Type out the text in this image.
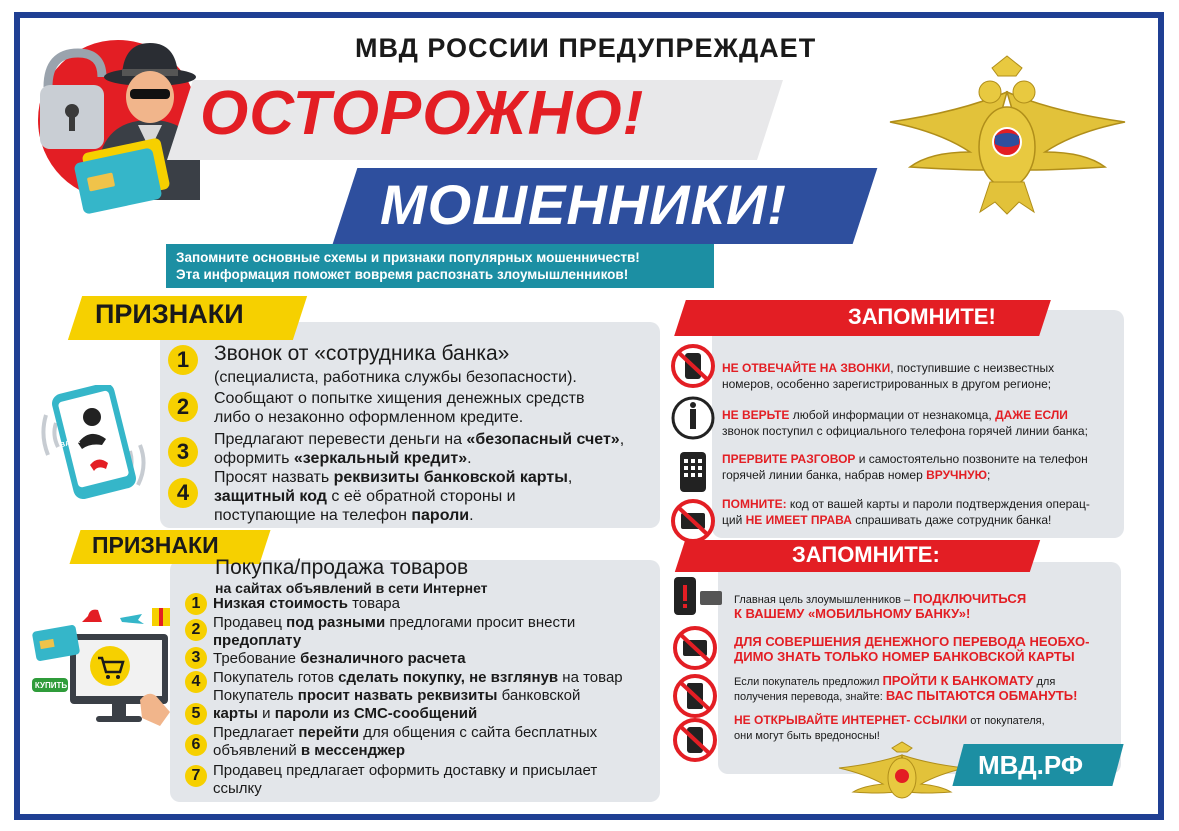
МВД РОССИИ ПРЕДУПРЕЖДАЕТ
ОСТОРОЖНО!
МОШЕННИКИ!
Запомните основные схемы и признаки популярных мошенничеств!
Эта информация поможет вовремя распознать злоумышленников!
ПРИЗНАКИ
BANK
1	Звонок от «сотрудника банка»
(специалиста, работника службы безопасности).
2	Сообщают о попытке хищения денежных средств
либо о незаконно оформленном кредите.
3	Предлагают перевести деньги на «безопасный счет»,
оформить «зеркальный кредит».
4
Просят назвать реквизиты банковской карты,
защитный код с её обратной стороны и
поступающие на телефон пароли.
ПРИЗНАКИ
Покупка/продажа товаров
на сайтах объявлений в сети Интернет
КУПИТЬ
1 Низкая стоимость товара
2 Продавец под разными предлогами просит внести
предоплату
3 Требование безналичного расчета
4 Покупатель готов сделать покупку, не взглянув на товар
5
Покупатель просит назвать реквизиты банковской
карты и пароли из СМС-сообщений
6
Предлагает перейти для общения с сайта бесплатных
объявлений в мессенджер
7 Продавец предлагает оформить доставку и присылает
ссылку
ЗАПОМНИТЕ!
НЕ ОТВЕЧАЙТЕ НА ЗВОНКИ, поступившие с неизвестных
номеров, особенно зарегистрированных в другом регионе;
НЕ ВЕРЬТЕ любой информации от незнакомца, ДАЖЕ ЕСЛИ
звонок поступил с официального телефона горячей линии банка;
ПРЕРВИТЕ РАЗГОВОР и самостоятельно позвоните на телефон
горячей линии банка, набрав номер ВРУЧНУЮ;
ПОМНИТЕ: код от вашей карты и пароли подтверждения операц-
ций НЕ ИМЕЕТ ПРАВА спрашивать даже сотрудник банка!
ЗАПОМНИТЕ:
Главная цель злоумышленников – ПОДКЛЮЧИТЬСЯ
К ВАШЕМУ «МОБИЛЬНОМУ БАНКУ»!
ДЛЯ СОВЕРШЕНИЯ ДЕНЕЖНОГО ПЕРЕВОДА НЕОБХО-
ДИМО ЗНАТЬ ТОЛЬКО НОМЕР БАНКОВСКОЙ КАРТЫ
Если покупатель предложил ПРОЙТИ К БАНКОМАТУ для
получения перевода, знайте: ВАС ПЫТАЮТСЯ ОБМАНУТЬ!
НЕ ОТКРЫВАЙТЕ ИНТЕРНЕТ- ССЫЛКИ от покупателя,
они могут быть вредоносны!
МВД.РФ
